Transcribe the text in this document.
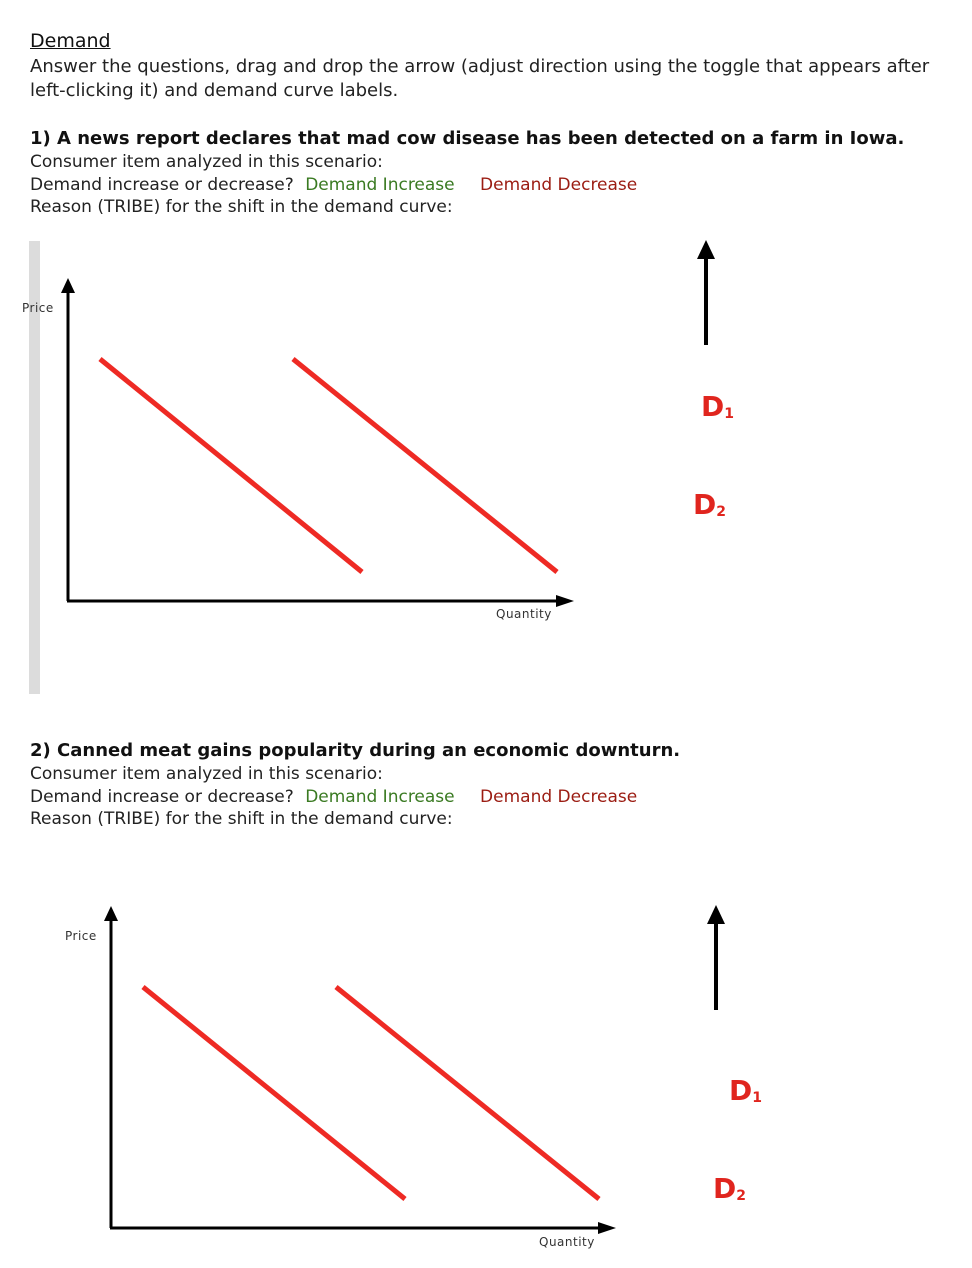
Demand
Answer the questions, drag and drop the arrow (adjust direction using the toggle that appears after left-clicking it) and demand curve labels.
1) A news report declares that mad cow disease has been detected on a farm in Iowa.
Consumer item analyzed in this scenario:
Demand increase or decrease? Demand Increase Demand Decrease
Reason (TRIBE) for the shift in the demand curve:
Price
Quantity
Price
Quantity
$D_1$
$D_2$
2) Canned meat gains popularity during an economic downturn.
Consumer item analyzed in this scenario:
Demand increase or decrease? Demand Increase Demand Decrease
Reason (TRIBE) for the shift in the demand curve:
$D_1$
$D_2$
